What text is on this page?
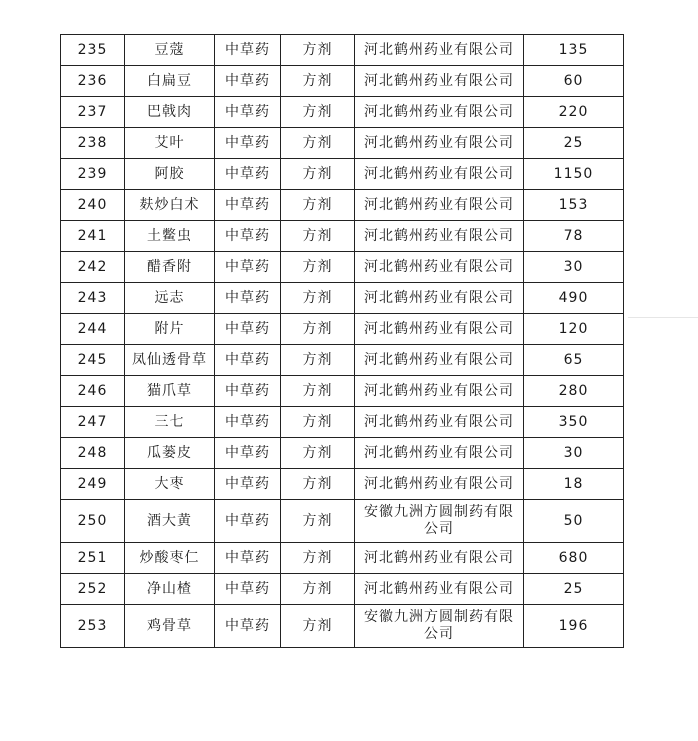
235	豆蔻	中草药	方剂	河北鹤州药业有限公司	135
236	白扁豆	中草药	方剂	河北鹤州药业有限公司	60
237	巴戟肉	中草药	方剂	河北鹤州药业有限公司	220
238	艾叶	中草药	方剂	河北鹤州药业有限公司	25
239	阿胶	中草药	方剂	河北鹤州药业有限公司	1150
240	麸炒白术	中草药	方剂	河北鹤州药业有限公司	153
241	土鳖虫	中草药	方剂	河北鹤州药业有限公司	78
242	醋香附	中草药	方剂	河北鹤州药业有限公司	30
243	远志	中草药	方剂	河北鹤州药业有限公司	490
244	附片	中草药	方剂	河北鹤州药业有限公司	120
245	凤仙透骨草	中草药	方剂	河北鹤州药业有限公司	65
246	猫爪草	中草药	方剂	河北鹤州药业有限公司	280
247	三七	中草药	方剂	河北鹤州药业有限公司	350
248	瓜蒌皮	中草药	方剂	河北鹤州药业有限公司	30
249	大枣	中草药	方剂	河北鹤州药业有限公司	18
250	酒大黄	中草药	方剂	安徽九洲方圆制药有限公司	50
251	炒酸枣仁	中草药	方剂	河北鹤州药业有限公司	680
252	净山楂	中草药	方剂	河北鹤州药业有限公司	25
253	鸡骨草	中草药	方剂	安徽九洲方圆制药有限公司	196
